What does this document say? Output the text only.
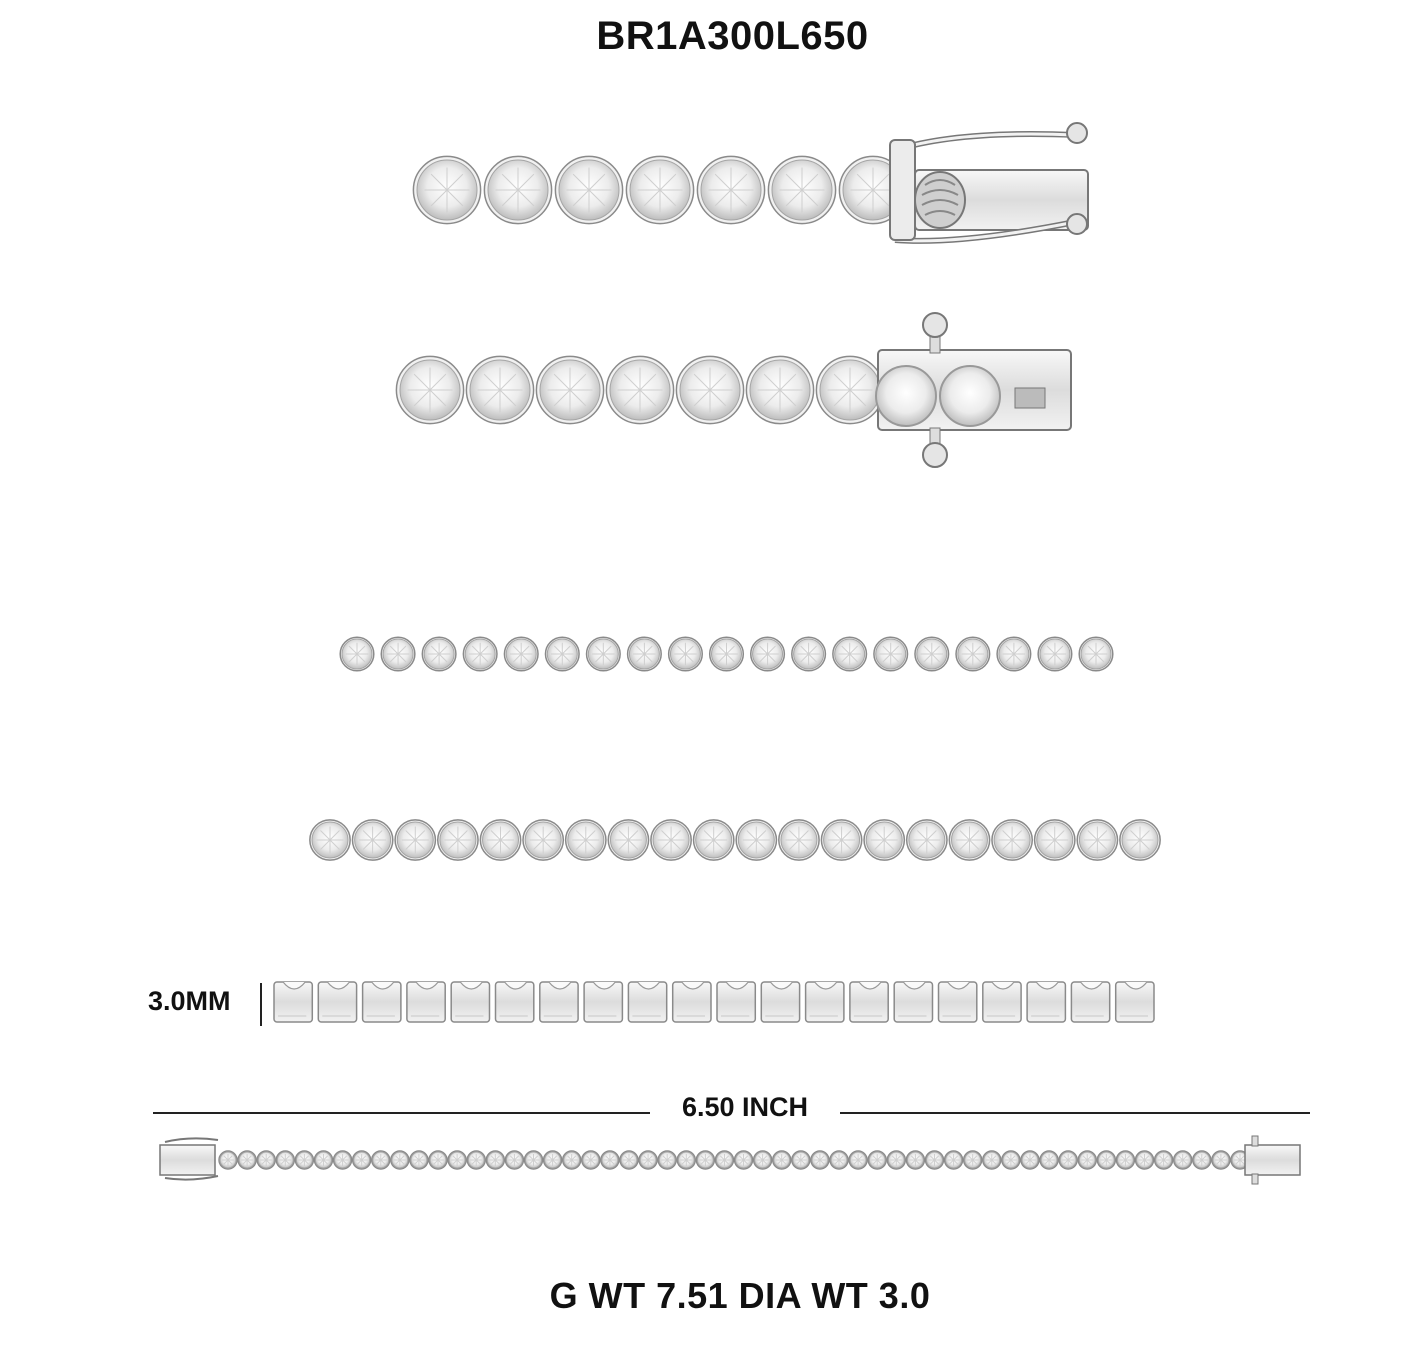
BR1A300L650
3.0MM
6.50 INCH
G WT 7.51 DIA WT 3.0
